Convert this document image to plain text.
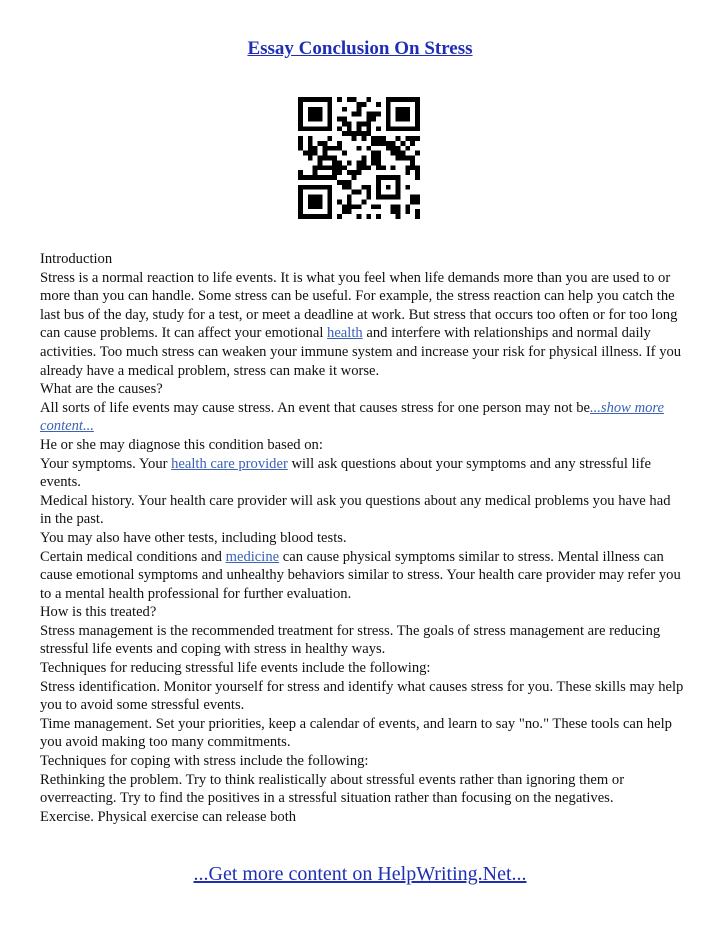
Essay Conclusion On Stress

Introduction

Stress is a normal reaction to life events. It is what you feel when life demands more than you are used to or more than you can handle. Some stress can be useful. For example, the stress reaction can help you catch the last bus of the day, study for a test, or meet a deadline at work. But stress that occurs too often or for too long can cause problems. It can affect your emotional health and interfere with relationships and normal daily activities. Too much stress can weaken your immune system and increase your risk for physical illness. If you already have a medical problem, stress can make it worse.

What are the causes?

All sorts of life events may cause stress. An event that causes stress for one person may not be...show more content...

He or she may diagnose this condition based on:

Your symptoms. Your health care provider will ask questions about your symptoms and any stressful life events.

Medical history. Your health care provider will ask you questions about any medical problems you have had in the past.

You may also have other tests, including blood tests.

Certain medical conditions and medicine can cause physical symptoms similar to stress. Mental illness can cause emotional symptoms and unhealthy behaviors similar to stress. Your health care provider may refer you to a mental health professional for further evaluation.

How is this treated?

Stress management is the recommended treatment for stress. The goals of stress management are reducing stressful life events and coping with stress in healthy ways.

Techniques for reducing stressful life events include the following:

Stress identification. Monitor yourself for stress and identify what causes stress for you. These skills may help you to avoid some stressful events.

Time management. Set your priorities, keep a calendar of events, and learn to say "no." These tools can help you avoid making too many commitments.

Techniques for coping with stress include the following:

Rethinking the problem. Try to think realistically about stressful events rather than ignoring them or overreacting. Try to find the positives in a stressful situation rather than focusing on the negatives.

Exercise. Physical exercise can release both

...Get more content on HelpWriting.Net...
